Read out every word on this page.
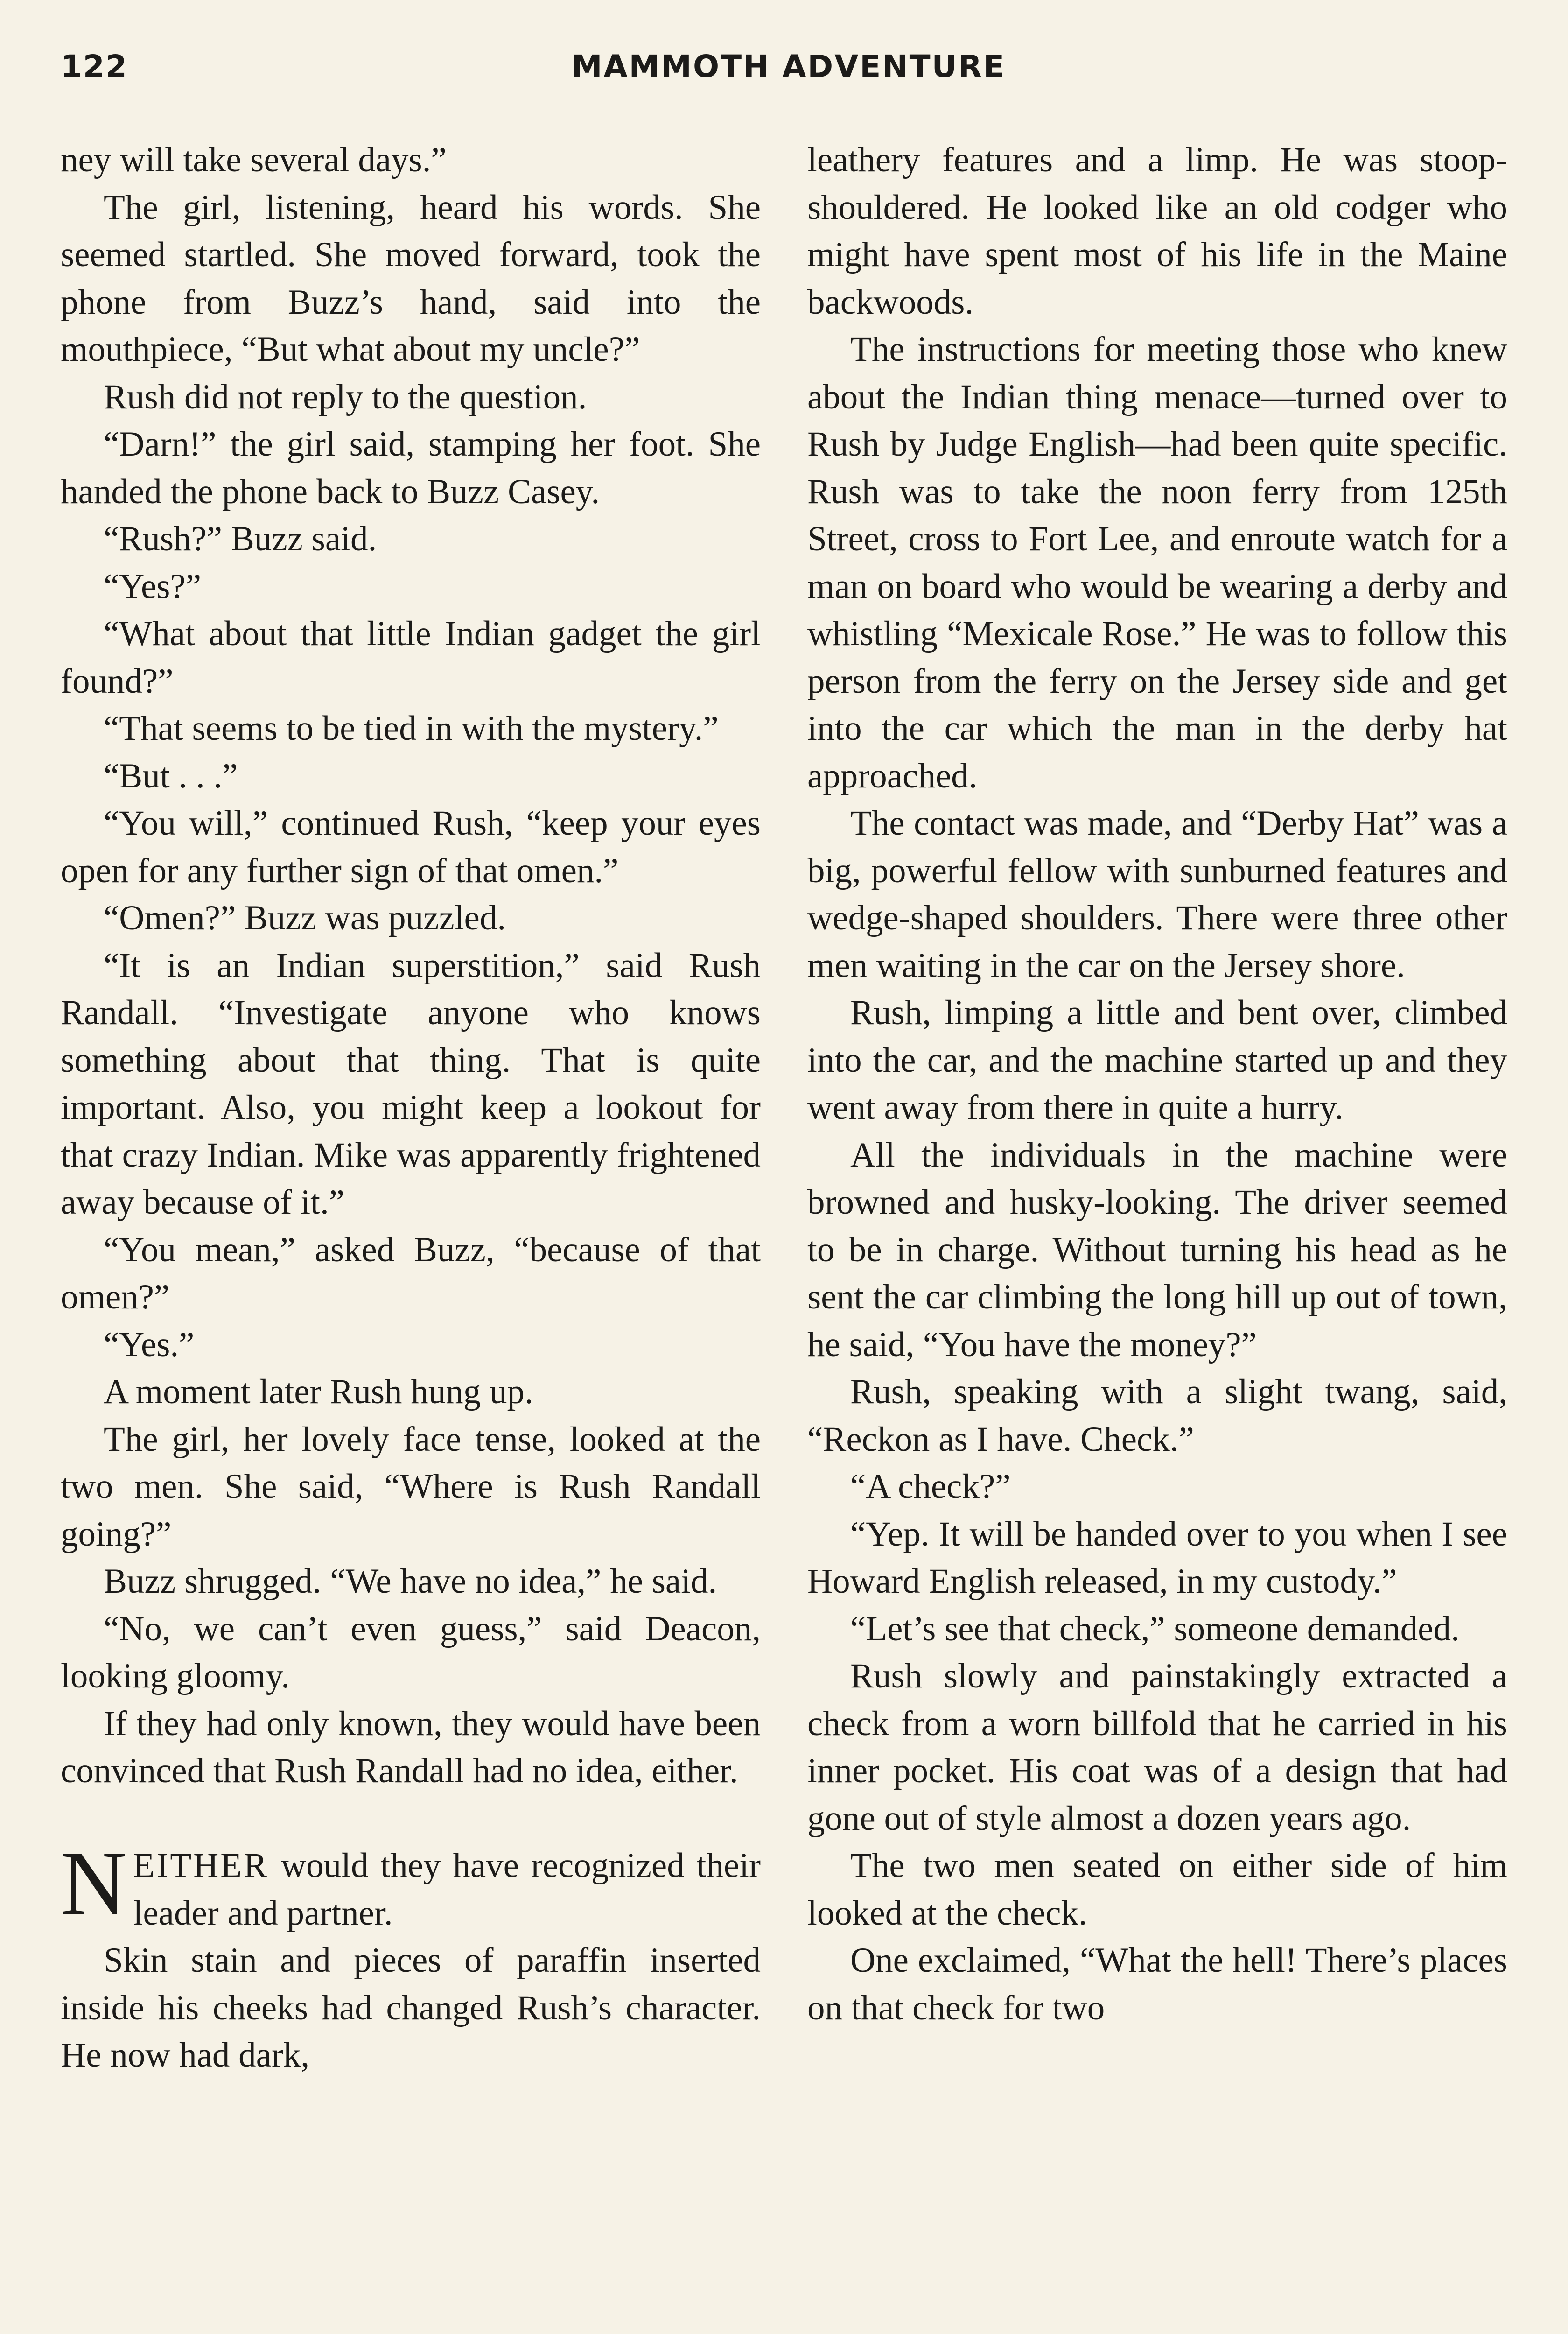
122	MAMMOTH ADVENTURE

ney will take several days.”

The girl, listening, heard his words. She seemed startled. She moved forward, took the phone from Buzz’s hand, said into the mouthpiece, “But what about my uncle?”

Rush did not reply to the question.

“Darn!” the girl said, stamping her foot. She handed the phone back to Buzz Casey.

“Rush?” Buzz said.

“Yes?”

“What about that little Indian gadget the girl found?”

“That seems to be tied in with the mystery.”

“But . . .”

“You will,” continued Rush, “keep your eyes open for any further sign of that omen.”

“Omen?” Buzz was puzzled.

“It is an Indian superstition,” said Rush Randall. “Investigate anyone who knows something about that thing. That is quite important. Also, you might keep a lookout for that crazy Indian. Mike was apparently frightened away because of it.”

“You mean,” asked Buzz, “because of that omen?”

“Yes.”

A moment later Rush hung up.

The girl, her lovely face tense, looked at the two men. She said, “Where is Rush Randall going?”

Buzz shrugged. “We have no idea,” he said.

“No, we can’t even guess,” said Deacon, looking gloomy.

If they had only known, they would have been convinced that Rush Randall had no idea, either.

NEITHER would they have recognized their leader and partner.

Skin stain and pieces of paraffin inserted inside his cheeks had changed Rush’s character. He now had dark,

leathery features and a limp. He was stoop-shouldered. He looked like an old codger who might have spent most of his life in the Maine backwoods.

The instructions for meeting those who knew about the Indian thing menace—turned over to Rush by Judge English—had been quite specific. Rush was to take the noon ferry from 125th Street, cross to Fort Lee, and enroute watch for a man on board who would be wearing a derby and whistling “Mexicale Rose.” He was to follow this person from the ferry on the Jersey side and get into the car which the man in the derby hat approached.

The contact was made, and “Derby Hat” was a big, powerful fellow with sunburned features and wedge-shaped shoulders. There were three other men waiting in the car on the Jersey shore.

Rush, limping a little and bent over, climbed into the car, and the machine started up and they went away from there in quite a hurry.

All the individuals in the machine were browned and husky-looking. The driver seemed to be in charge. Without turning his head as he sent the car climbing the long hill up out of town, he said, “You have the money?”

Rush, speaking with a slight twang, said, “Reckon as I have. Check.”

“A check?”

“Yep. It will be handed over to you when I see Howard English released, in my custody.”

“Let’s see that check,” someone demanded.

Rush slowly and painstakingly extracted a check from a worn billfold that he carried in his inner pocket. His coat was of a design that had gone out of style almost a dozen years ago.

The two men seated on either side of him looked at the check.

One exclaimed, “What the hell! There’s places on that check for two
